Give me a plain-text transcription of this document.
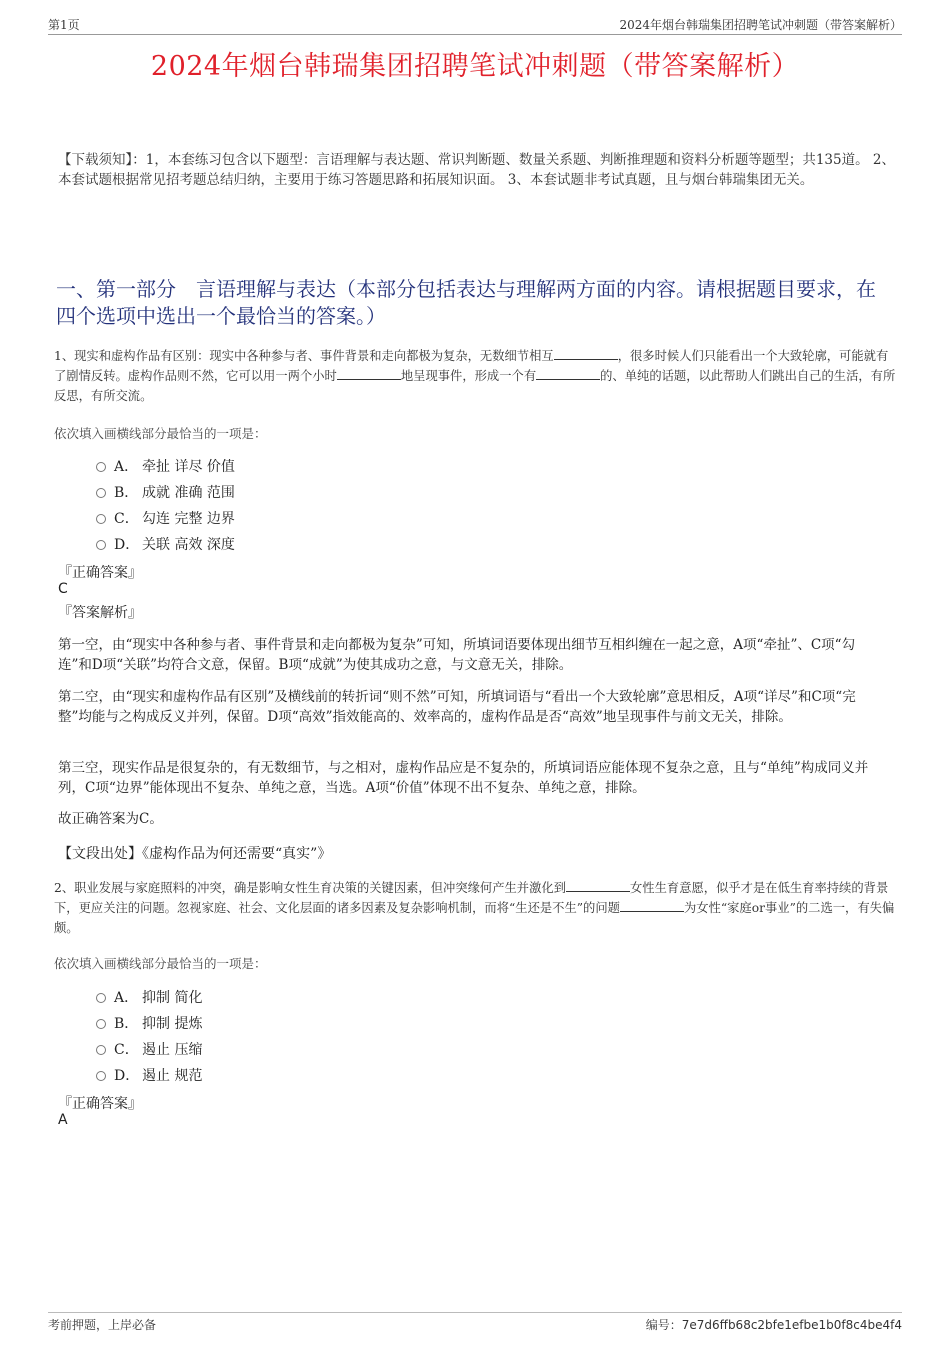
第1页	2024年烟台韩瑞集团招聘笔试冲刺题（带答案解析）
2024年烟台韩瑞集团招聘笔试冲刺题（带答案解析）
【下载须知】：1，本套练习包含以下题型：言语理解与表达题、常识判断题、数量关系题、判断推理题和资料分析题等题型；共135道。 2、本套试题根据常见招考题总结归纳，主要用于练习答题思路和拓展知识面。 3、本套试题非考试真题，且与烟台韩瑞集团无关。
一、第一部分　言语理解与表达（本部分包括表达与理解两方面的内容。请根据题目要求，在四个选项中选出一个最恰当的答案。）
1、现实和虚构作品有区别：现实中各种参与者、事件背景和走向都极为复杂，无数细节相互	，很多时候人们只能看出一个大致轮廓，可能就有了剧情反转。虚构作品则不然，它可以用一两个小时	地呈现事件，形成一个有	的、单纯的话题，以此帮助人们跳出自己的生活，有所反思，有所交流。
依次填入画横线部分最恰当的一项是：
A． 牵扯 详尽 价值
B． 成就 准确 范围
C． 勾连 完整 边界
D． 关联 高效 深度
『正确答案』
C
『答案解析』
第一空，由“现实中各种参与者、事件背景和走向都极为复杂”可知，所填词语要体现出细节互相纠缠在一起之意，A项“牵扯”、C项“勾连”和D项“关联”均符合文意，保留。B项“成就”为使其成功之意，与文意无关，排除。
第二空，由“现实和虚构作品有区别”及横线前的转折词“则不然”可知，所填词语与“看出一个大致轮廓”意思相反，A项“详尽”和C项“完整”均能与之构成反义并列，保留。D项“高效”指效能高的、效率高的，虚构作品是否“高效”地呈现事件与前文无关，排除。
第三空，现实作品是很复杂的，有无数细节，与之相对，虚构作品应是不复杂的，所填词语应能体现不复杂之意，且与“单纯”构成同义并列，C项“边界”能体现出不复杂、单纯之意，当选。A项“价值”体现不出不复杂、单纯之意，排除。
故正确答案为C。
【文段出处】《虚构作品为何还需要“真实”》
2、职业发展与家庭照料的冲突，确是影响女性生育决策的关键因素，但冲突缘何产生并激化到	女性生育意愿，似乎才是在低生育率持续的背景下，更应关注的问题。忽视家庭、社会、文化层面的诸多因素及复杂影响机制，而将“生还是不生”的问题	为女性“家庭or事业”的二选一，有失偏颇。
依次填入画横线部分最恰当的一项是：
A． 抑制 简化
B． 抑制 提炼
C． 遏止 压缩
D． 遏止 规范
『正确答案』
A
考前押题，上岸必备	编号：7e7d6ffb68c2bfe1efbe1b0f8c4be4f4
